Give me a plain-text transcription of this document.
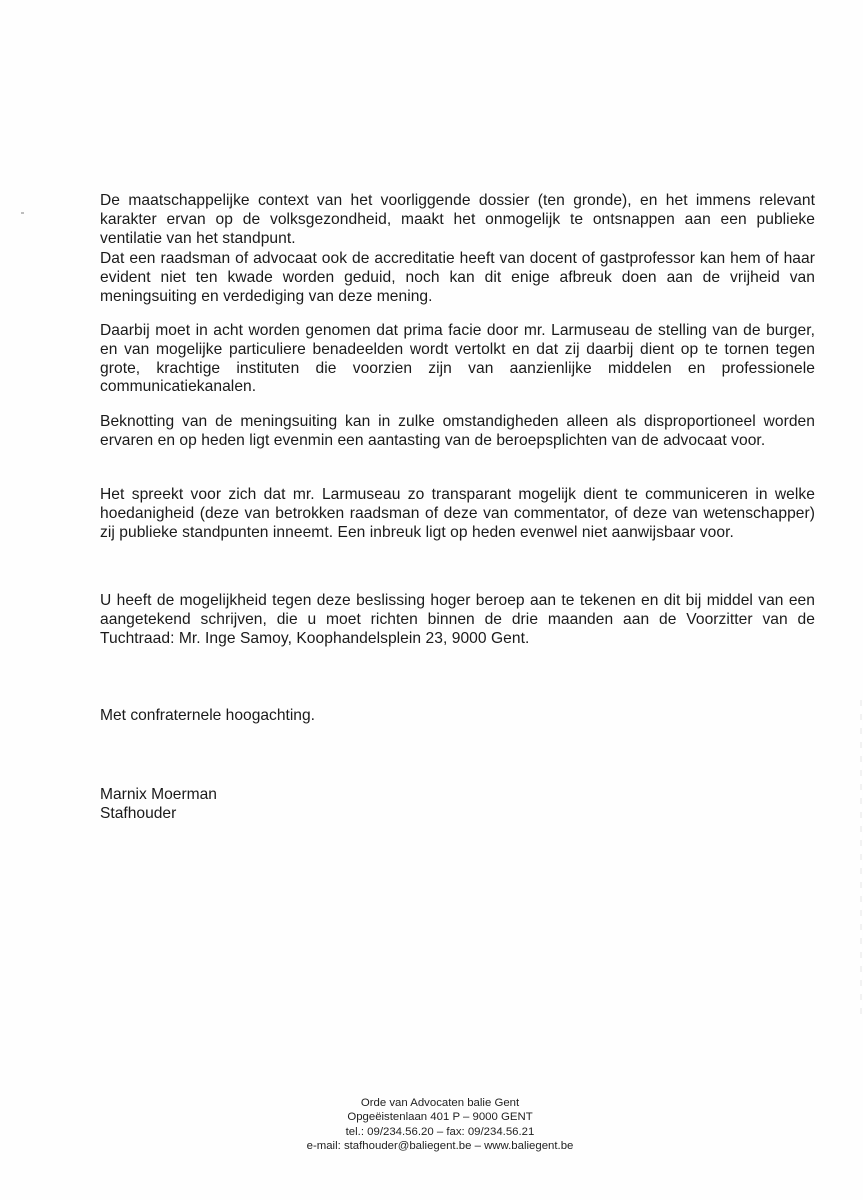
De maatschappelijke context van het voorliggende dossier (ten gronde), en het immens relevant karakter ervan op de volksgezondheid, maakt het onmogelijk te ontsnappen aan een publieke ventilatie van het standpunt.

Dat een raadsman of advocaat ook de accreditatie heeft van docent of gastprofessor kan hem of haar evident niet ten kwade worden geduid, noch kan dit enige afbreuk doen aan de vrijheid van meningsuiting en verdediging van deze mening.

Daarbij moet in acht worden genomen dat prima facie door mr. Larmuseau de stelling van de burger, en van mogelijke particuliere benadeelden wordt vertolkt en dat zij daarbij dient op te tornen tegen grote, krachtige instituten die voorzien zijn van aanzienlijke middelen en professionele communicatiekanalen.

Beknotting van de meningsuiting kan in zulke omstandigheden alleen als disproportioneel worden ervaren en op heden ligt evenmin een aantasting van de beroepsplichten van de advocaat voor.

Het spreekt voor zich dat mr. Larmuseau zo transparant mogelijk dient te communiceren in welke hoedanigheid (deze van betrokken raadsman of deze van commentator, of deze van wetenschapper) zij publieke standpunten inneemt. Een inbreuk ligt op heden evenwel niet aanwijsbaar voor.

U heeft de mogelijkheid tegen deze beslissing hoger beroep aan te tekenen en dit bij middel van een aangetekend schrijven, die u moet richten binnen de drie maanden aan de Voorzitter van de Tuchtraad: Mr. Inge Samoy, Koophandelsplein 23, 9000 Gent.

Met confraternele hoogachting.
Marnix Moerman
Stafhouder
Orde van Advocaten balie Gent
Opgeëistenlaan 401 P – 9000 GENT
tel.: 09/234.56.20 – fax: 09/234.56.21
e-mail: stafhouder@baliegent.be – www.baliegent.be
